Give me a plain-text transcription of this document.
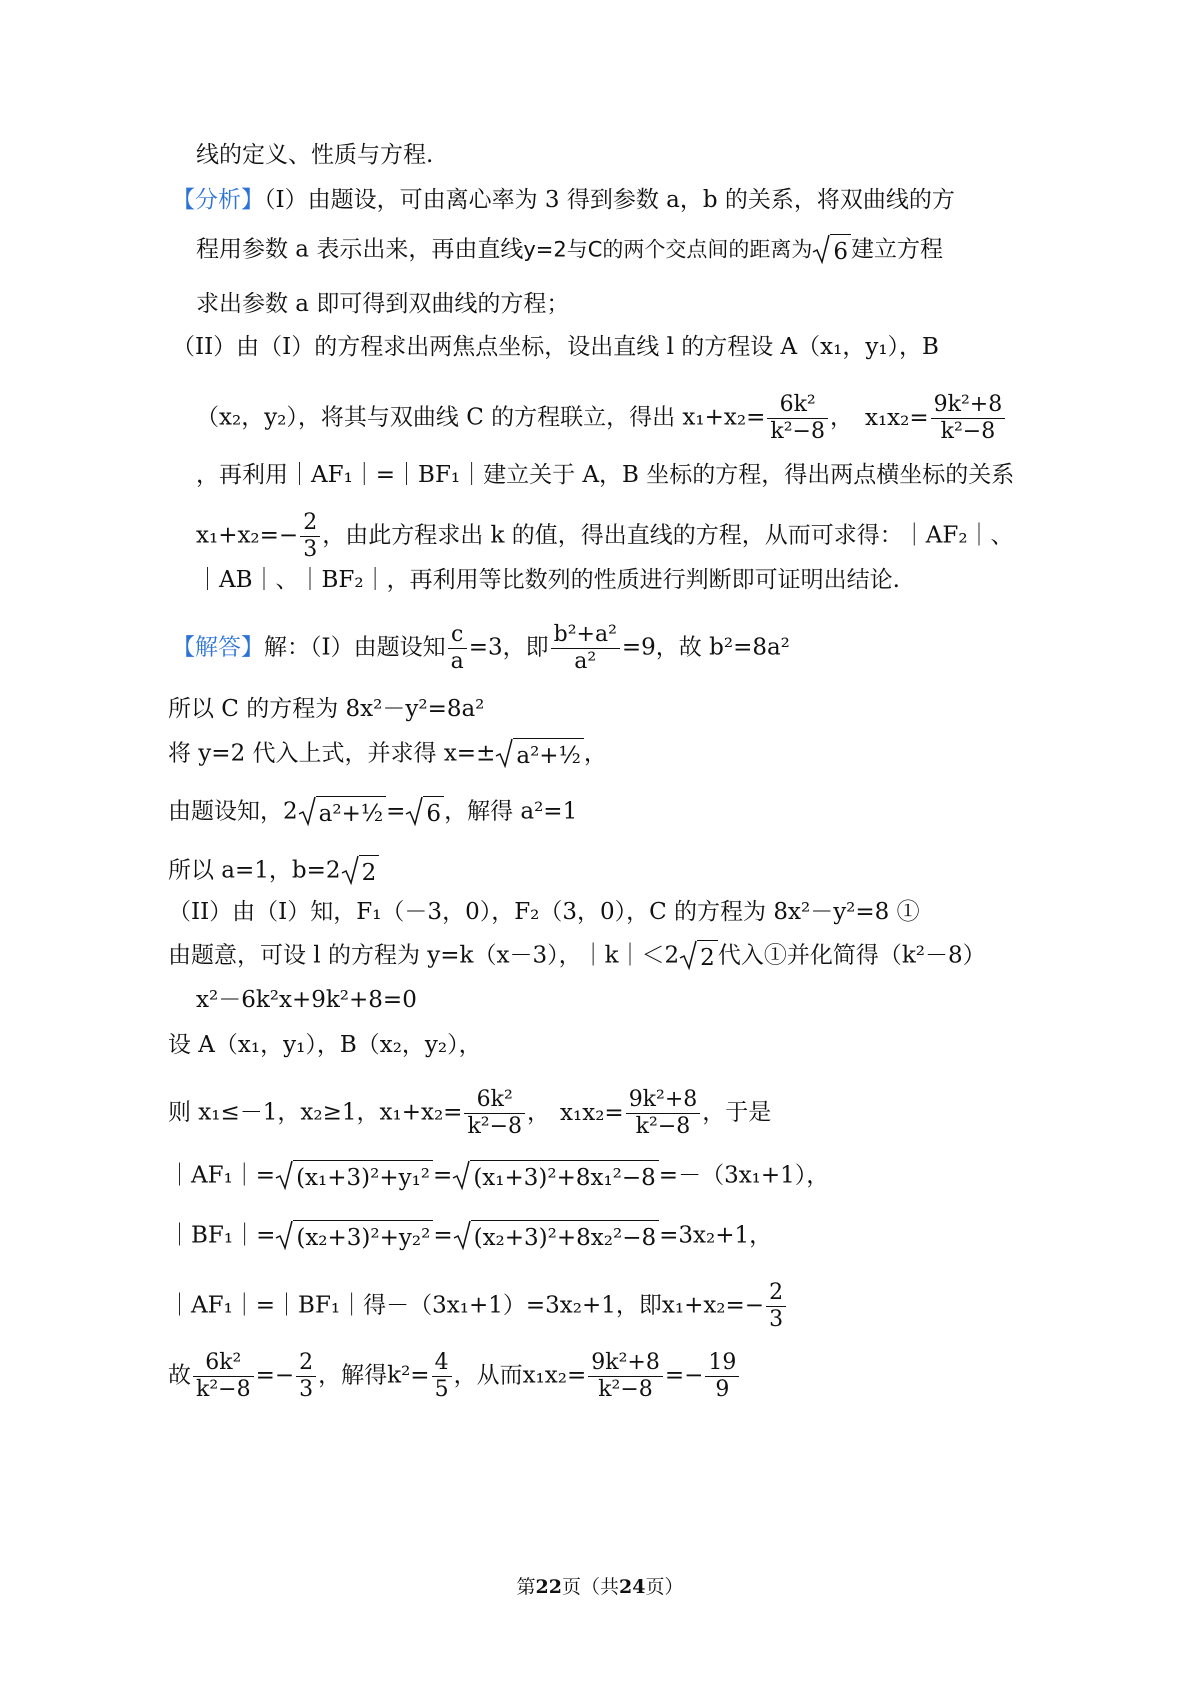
线的定义、性质与方程.
【分析】（I）由题设，可由离心率为 3 得到参数 a，b 的关系，将双曲线的方
程用参数 a 表示出来，再由直线y=2与C的两个交点间的距离为 6 建立方程
求出参数 a 即可得到双曲线的方程；
（II）由（I）的方程求出两焦点坐标，设出直线 l 的方程设 A（x₁，y₁），B
（x₂，y₂），将其与双曲线 C 的方程联立，得出 $x_1+x_2= \frac{\text{6k²}}{\text{k²−8}}$ ， $x_1x_2= \frac{\text{9k²+8}}{\text{k²−8}}$
，再利用｜AF₁｜=｜BF₁｜建立关于 A，B 坐标的方程，得出两点横坐标的关系
$x_1+x_2=- \frac{2}{3}$ ，由此方程求出 k 的值，得出直线的方程，从而可求得：｜AF₂｜、
｜AB｜、｜BF₂｜，再利用等比数列的性质进行判断即可证明出结论.
【解答】解：（I）由题设知 $\frac{c}{a} =3$，即 $\frac{\text{b²+a²}}{\text{a²}} =9$，故 b²=8a²
所以 C 的方程为 8x²－y²=8a²
将 y=2 代入上式，并求得 x=± a²+½ ，
由题设知，2 a²+½ = 6 ，解得 a²=1
所以 a=1，b=2 2
（II）由（I）知，F₁（－3，0），F₂（3，0），C 的方程为 8x²－y²=8 ①
由题意，可设 l 的方程为 y=k（x－3），｜k｜＜2 2 代入①并化简得（k²－8）
x²－6k²x+9k²+8=0
设 A（x₁，y₁），B（x₂，y₂），
则 x₁≤－1，x₂≥1，$x_1+x_2= \frac{\text{6k²}}{\text{k²−8}}$ ， $x_1x_2= \frac{\text{9k²+8}}{\text{k²−8}}$ ，于是
｜AF₁｜= (x₁+3)²+y₁² = (x₁+3)²+8x₁²−8 =－（3x₁+1），
｜BF₁｜= (x₂+3)²+y₂² = (x₂+3)²+8x₂²−8 =3x₂+1，
｜AF₁｜=｜BF₁｜得－（3x₁+1）=3x₂+1，即$x_1+x_2=- \frac{2}{3}$
故 $\frac{\text{6k²}}{\text{k²−8}} =- \frac{2}{3}$ ，解得$k^2= \frac{4}{5}$ ，从而$x_1x_2= \frac{\text{9k²+8}}{\text{k²−8}} =- \frac{19}{9}$
第22页（共24页）
